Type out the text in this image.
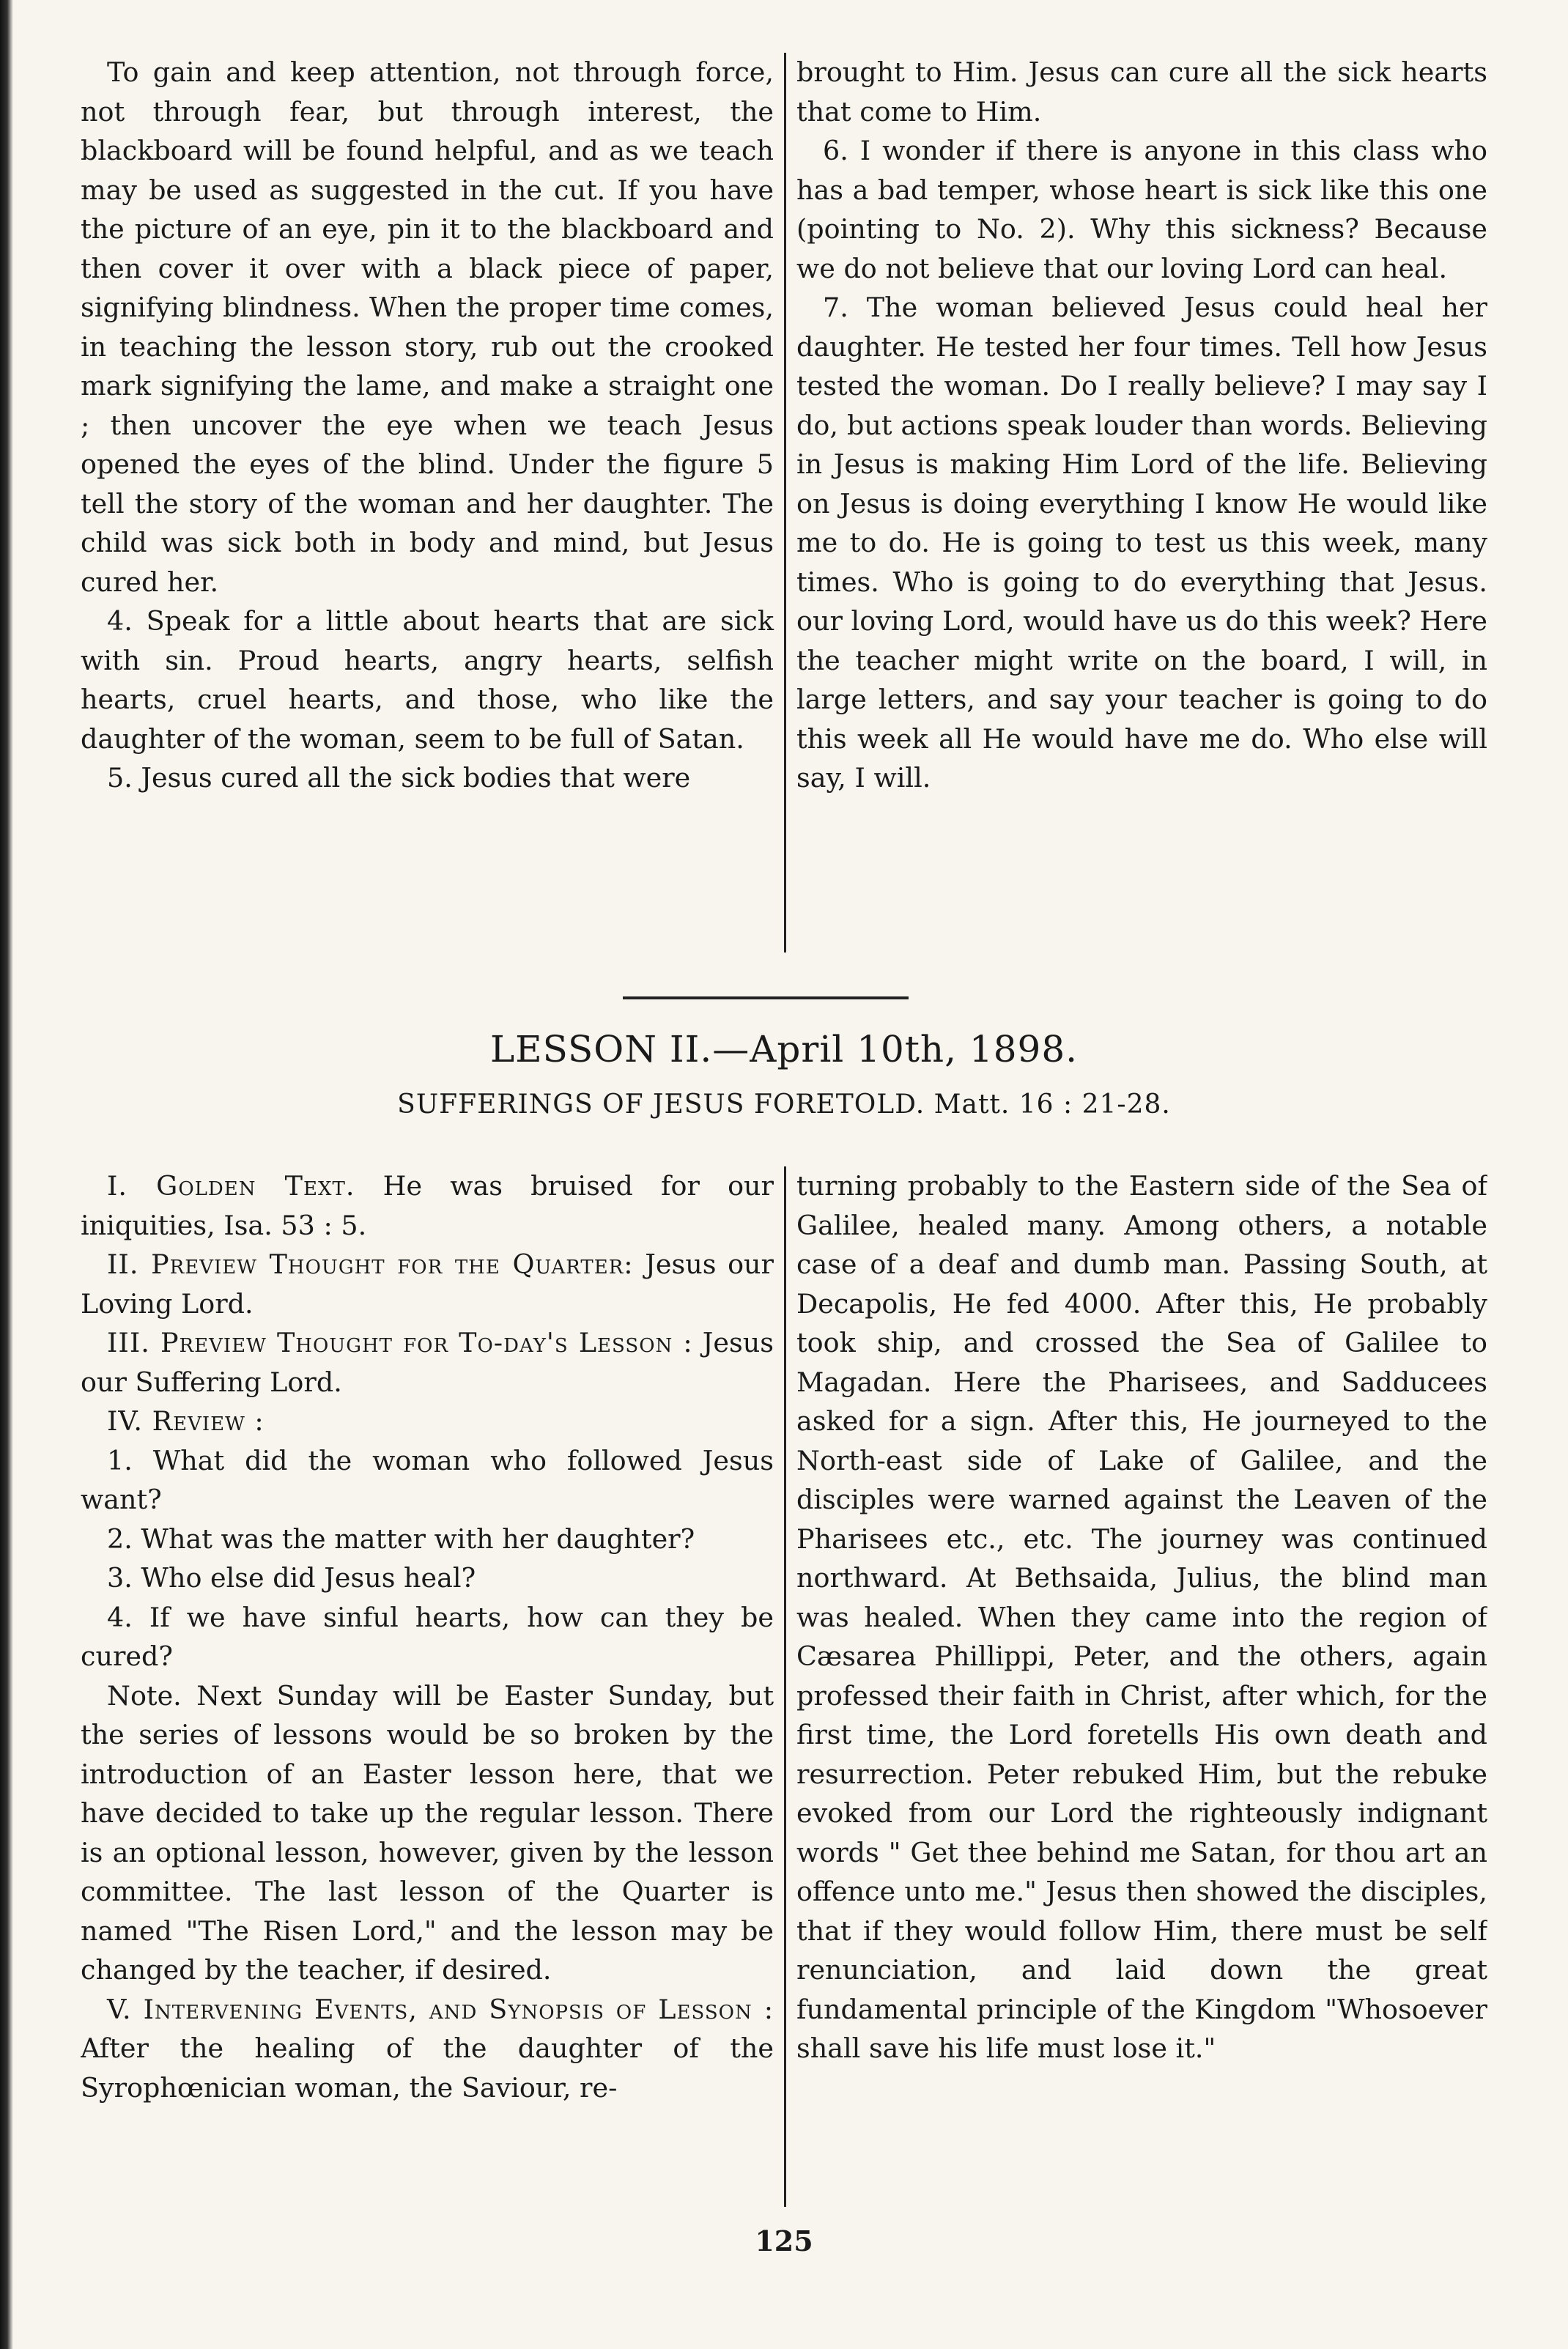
To gain and keep attention, not through force, not through fear, but through interest, the blackboard will be found helpful, and as we teach may be used as suggested in the cut. If you have the picture of an eye, pin it to the blackboard and then cover it over with a black piece of paper, signifying blindness. When the proper time comes, in teaching the lesson story, rub out the crooked mark signifying the lame, and make a straight one ; then uncover the eye when we teach Jesus opened the eyes of the blind. Under the figure 5 tell the story of the woman and her daughter. The child was sick both in body and mind, but Jesus cured her.

4. Speak for a little about hearts that are sick with sin. Proud hearts, angry hearts, selfish hearts, cruel hearts, and those, who like the daughter of the woman, seem to be full of Satan.

5. Jesus cured all the sick bodies that were

brought to Him. Jesus can cure all the sick hearts that come to Him.

6. I wonder if there is anyone in this class who has a bad temper, whose heart is sick like this one (pointing to No. 2). Why this sickness? Because we do not believe that our loving Lord can heal.

7. The woman believed Jesus could heal her daughter. He tested her four times. Tell how Jesus tested the woman. Do I really believe? I may say I do, but actions speak louder than words. Believing in Jesus is making Him Lord of the life. Believing on Jesus is doing everything I know He would like me to do. He is going to test us this week, many times. Who is going to do everything that Jesus. our loving Lord, would have us do this week? Here the teacher might write on the board, I will, in large letters, and say your teacher is going to do this week all He would have me do. Who else will say, I will.

LESSON II.—April 10th, 1898.
SUFFERINGS OF JESUS FORETOLD. Matt. 16 : 21-28.

I. Golden Text. He was bruised for our iniquities, Isa. 53 : 5.

II. Preview Thought for the Quarter: Jesus our Loving Lord.

III. Preview Thought for To-day's Lesson : Jesus our Suffering Lord.

IV. Review :

1. What did the woman who followed Jesus want?

2. What was the matter with her daughter?

3. Who else did Jesus heal?

4. If we have sinful hearts, how can they be cured?

Note. Next Sunday will be Easter Sunday, but the series of lessons would be so broken by the introduction of an Easter lesson here, that we have decided to take up the regular lesson. There is an optional lesson, however, given by the lesson committee. The last lesson of the Quarter is named "The Risen Lord," and the lesson may be changed by the teacher, if desired.

V. Intervening Events, and Synopsis of Lesson : After the healing of the daughter of the Syrophœnician woman, the Saviour, re-

turning probably to the Eastern side of the Sea of Galilee, healed many. Among others, a notable case of a deaf and dumb man. Passing South, at Decapolis, He fed 4000. After this, He probably took ship, and crossed the Sea of Galilee to Magadan. Here the Pharisees, and Sadducees asked for a sign. After this, He journeyed to the North-east side of Lake of Galilee, and the disciples were warned against the Leaven of the Pharisees etc., etc. The journey was continued northward. At Bethsaida, Julius, the blind man was healed. When they came into the region of Cæsarea Phillippi, Peter, and the others, again professed their faith in Christ, after which, for the first time, the Lord foretells His own death and resurrection. Peter rebuked Him, but the rebuke evoked from our Lord the righteously indignant words " Get thee behind me Satan, for thou art an offence unto me." Jesus then showed the disciples, that if they would follow Him, there must be self renunciation, and laid down the great fundamental principle of the Kingdom "Whosoever shall save his life must lose it."

125
